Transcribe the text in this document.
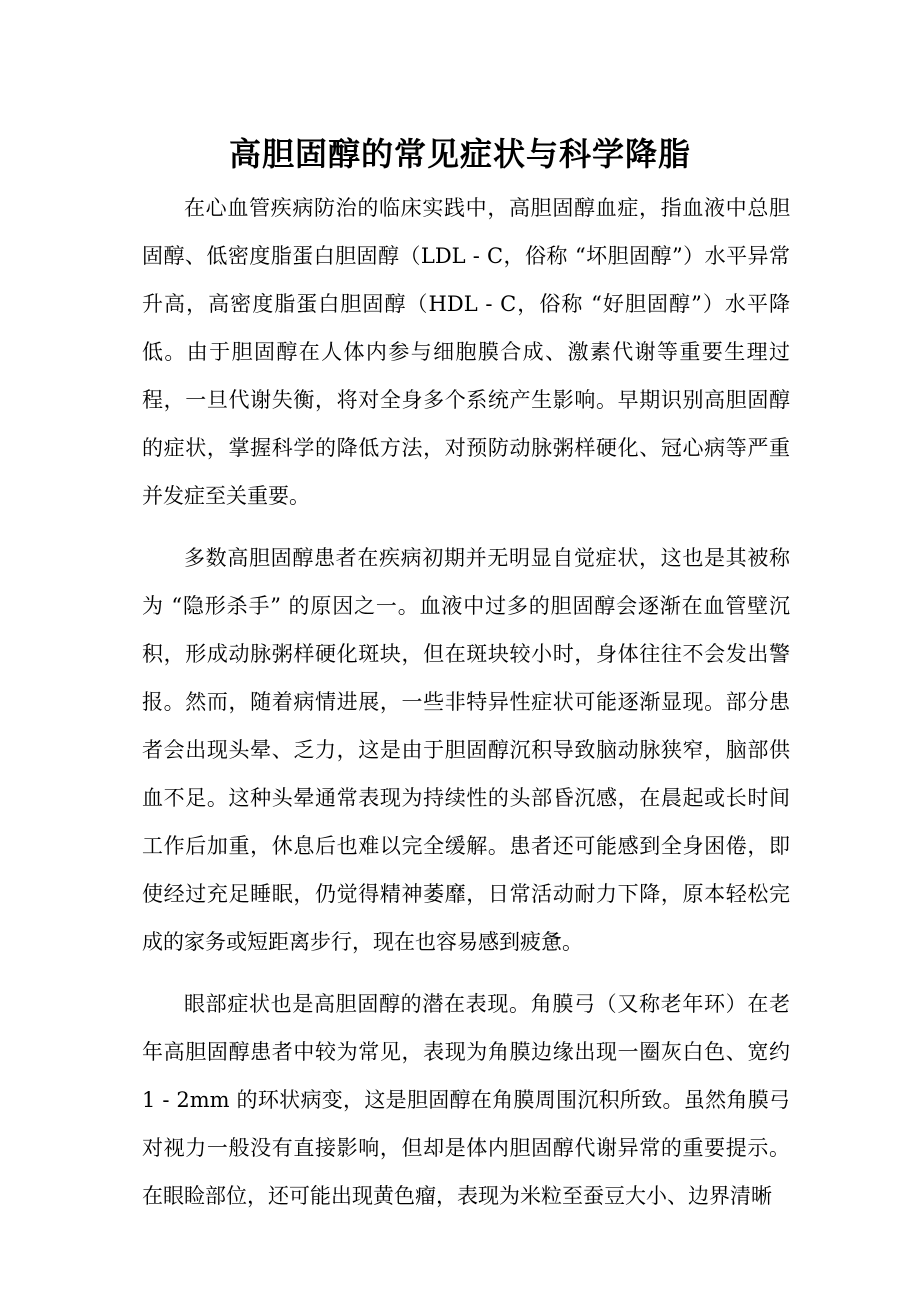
高胆固醇的常见症状与科学降脂

在心血管疾病防治的临床实践中，高胆固醇血症，指血液中总胆固醇、低密度脂蛋白胆固醇（LDL - C，俗称 “坏胆固醇”）水平异常升高，高密度脂蛋白胆固醇（HDL - C，俗称 “好胆固醇”）水平降低。由于胆固醇在人体内参与细胞膜合成、激素代谢等重要生理过程，一旦代谢失衡，将对全身多个系统产生影响。早期识别高胆固醇的症状，掌握科学的降低方法，对预防动脉粥样硬化、冠心病等严重并发症至关重要。

多数高胆固醇患者在疾病初期并无明显自觉症状，这也是其被称为 “隐形杀手” 的原因之一。血液中过多的胆固醇会逐渐在血管壁沉积，形成动脉粥样硬化斑块，但在斑块较小时，身体往往不会发出警报。然而，随着病情进展，一些非特异性症状可能逐渐显现。部分患者会出现头晕、乏力，这是由于胆固醇沉积导致脑动脉狭窄，脑部供血不足。这种头晕通常表现为持续性的头部昏沉感，在晨起或长时间工作后加重，休息后也难以完全缓解。患者还可能感到全身困倦，即使经过充足睡眠，仍觉得精神萎靡，日常活动耐力下降，原本轻松完成的家务或短距离步行，现在也容易感到疲惫。

眼部症状也是高胆固醇的潜在表现。角膜弓（又称老年环）在老年高胆固醇患者中较为常见，表现为角膜边缘出现一圈灰白色、宽约 1 - 2mm 的环状病变，这是胆固醇在角膜周围沉积所致。虽然角膜弓对视力一般没有直接影响，但却是体内胆固醇代谢异常的重要提示。在眼睑部位，还可能出现黄色瘤，表现为米粒至蚕豆大小、边界清晰
